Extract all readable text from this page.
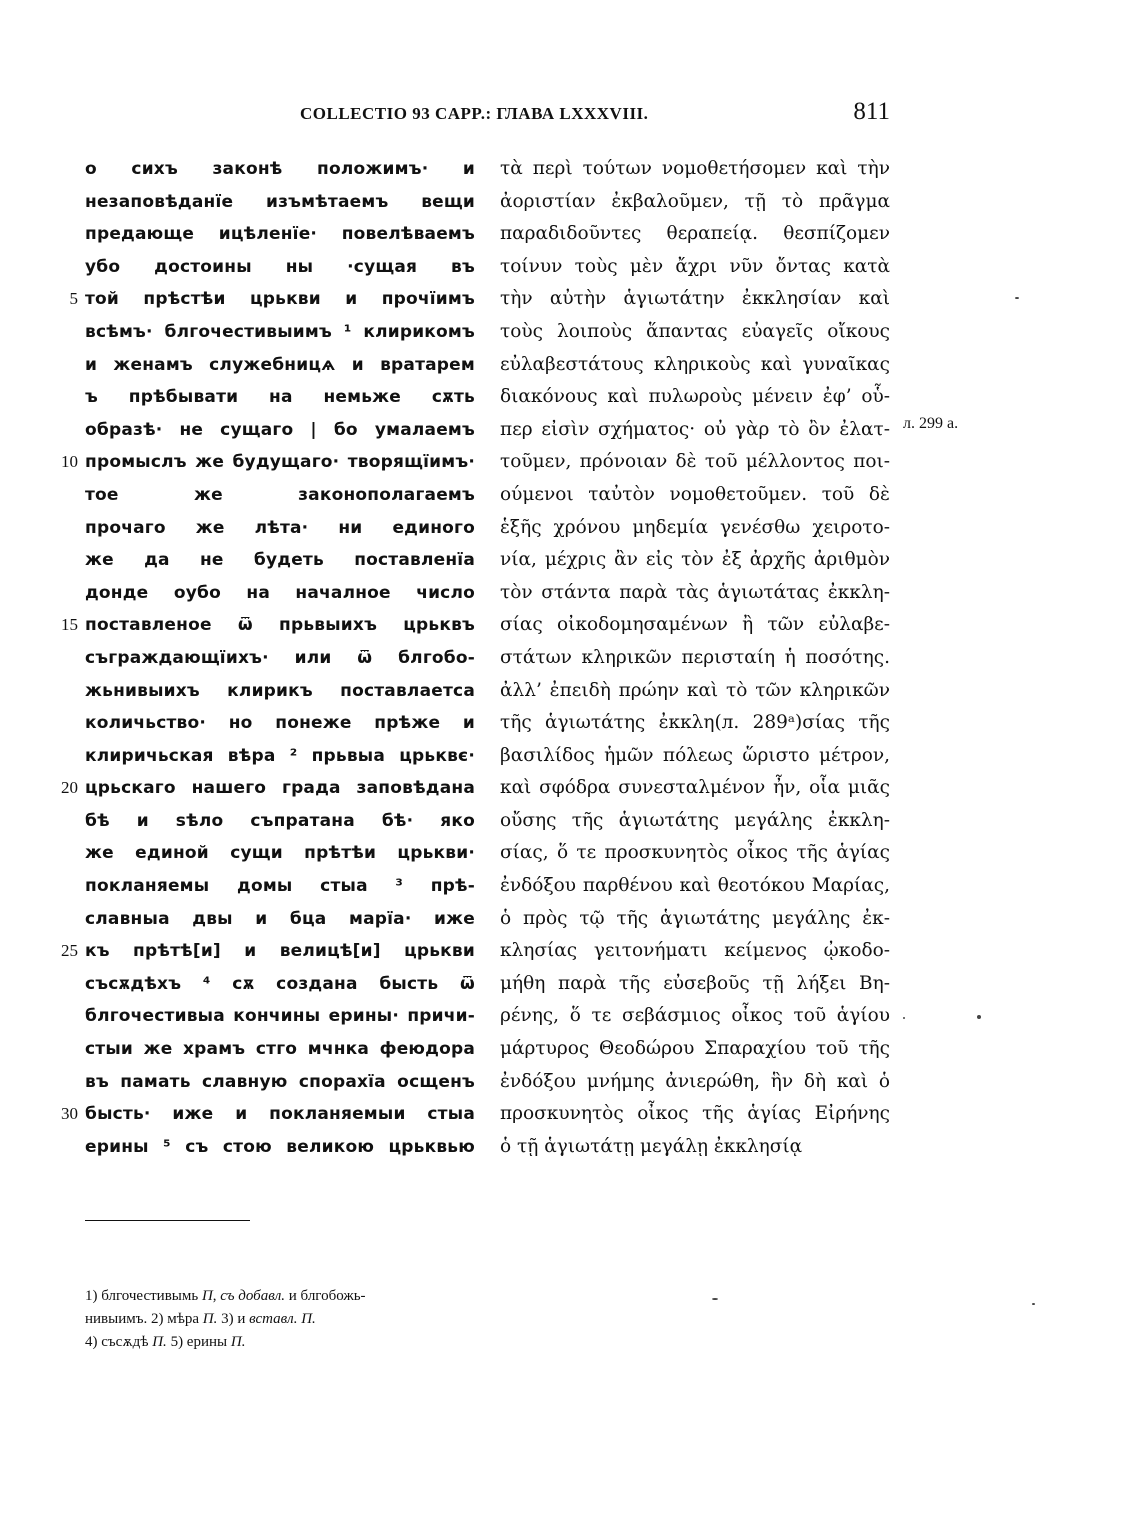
COLLECTIO 93 CAPP.: ГЛАВА LXXXVIII.	811
5
10
15
20
25
30
о сихъ законѣ положимъ· и
незаповѣданїе изъмѣтаемъ вещи
предающе ицѣленїе· повелѣваемъ
убо достоины ны ·сущая въ
той прѣстѣи црькви и прочїимъ
всѣмъ· блгочестивыимъ ¹ клирикомъ
и женамъ служебницѧ и вратарем
ъ прѣбывати на немьже сѫть
образѣ· не сущаго | бо умалаемъ
промыслъ же будущаго· творящїимъ·
тое же законополагаемъ
прочаго же лѣта· ни единого
же да не будеть поставленїа
донде оубо на началное число
поставленое ѿ прьвыихъ црьквъ
съграждающїихъ· или ѿ блгобо-
жьнивыихъ клирикъ поставлаетса
количьство· но понеже прѣже и
клиричьская вѣра ² прьвыа црьквє·
црьскаго нашего града заповѣдана
бѣ и ѕѣло съпратана бѣ· яко
же единой сущи прѣтѣи црькви·
покланяемы домы стыа ³ прѣ-
славныа двы и бца марїа· иже
къ прѣтѣ[и] и велицѣ[и] црькви
съсѫдѣхъ ⁴ сѫ создана бысть ѿ
блгочестивыа кончины ерины· причи-
стыи же храмъ стго мчнка феюдора
въ памать славную спорахїа осщенъ
бысть· иже и покланяемыи стыа
ерины ⁵ съ стою великою црьквью
τὰ περὶ τούτων νομοθετήσομεν καὶ τὴν
ἀοριστίαν ἐκβαλοῦμεν, τῇ τὸ πρᾶγμα
παραδιδοῦντες θεραπείᾳ. θεσπίζομεν
τοίνυν τοὺς μὲν ἄχρι νῦν ὄντας κατὰ
τὴν αὐτὴν ἁγιωτάτην ἐκκλησίαν καὶ
τοὺς λοιποὺς ἅπαντας εὐαγεῖς οἴκους
εὐλαβεστάτους κληρικοὺς καὶ γυναῖκας
διακόνους καὶ πυλωροὺς μένειν ἐφ’ οὗ-
περ εἰσὶν σχήματος· οὐ γὰρ τὸ ὂν ἐλατ-
τοῦμεν, πρόνοιαν δὲ τοῦ μέλλοντος ποι-
ούμενοι ταὐτὸν νομοθετοῦμεν. τοῦ δὲ
ἑξῆς χρόνου μηδεμία γενέσθω χειροτο-
νία, μέχρις ἂν εἰς τὸν ἐξ ἀρχῆς ἀριθμὸν
τὸν στάντα παρὰ τὰς ἁγιωτάτας ἐκκλη-
σίας οἰκοδομησαμένων ἢ τῶν εὐλαβε-
στάτων κληρικῶν περισταίη ἡ ποσότης.
ἀλλ’ ἐπειδὴ πρώην καὶ τὸ τῶν κληρικῶν
τῆς ἁγιωτάτης ἐκκλη(л. 289ᵃ)σίας τῆς
βασιλίδος ἡμῶν πόλεως ὥριστο μέτρον,
καὶ σφόδρα συνεσταλμένον ἦν, οἷα μιᾶς
οὔσης τῆς ἁγιωτάτης μεγάλης ἐκκλη-
σίας, ὅ τε προσκυνητὸς οἶκος τῆς ἁγίας
ἐνδόξου παρθένου καὶ θεοτόκου Μαρίας,
ὁ πρὸς τῷ τῆς ἁγιωτάτης μεγάλης ἐκ-
κλησίας γειτονήματι κείμενος ᾠκοδο-
μήθη παρὰ τῆς εὐσεβοῦς τῇ λήξει Βη-
ρένης, ὅ τε σεβάσμιος οἶκος τοῦ ἁγίου
μάρτυρος Θεοδώρου Σπαραχίου τοῦ τῆς
ἐνδόξου μνήμης ἀνιερώθη, ἣν δὴ καὶ ὁ
προσκυνητὸς οἶκος τῆς ἁγίας Εἰρήνης
ὁ τῇ ἁγιωτάτῃ μεγάλῃ ἐκκλησίᾳ
л. 299 a.
1) блгочестивымь П, съ добавл. и блгобожь-
нивыимъ. 2) мѣра П. 3) и вставл. П.
4) съсѫдѣ П. 5) ерины П.
